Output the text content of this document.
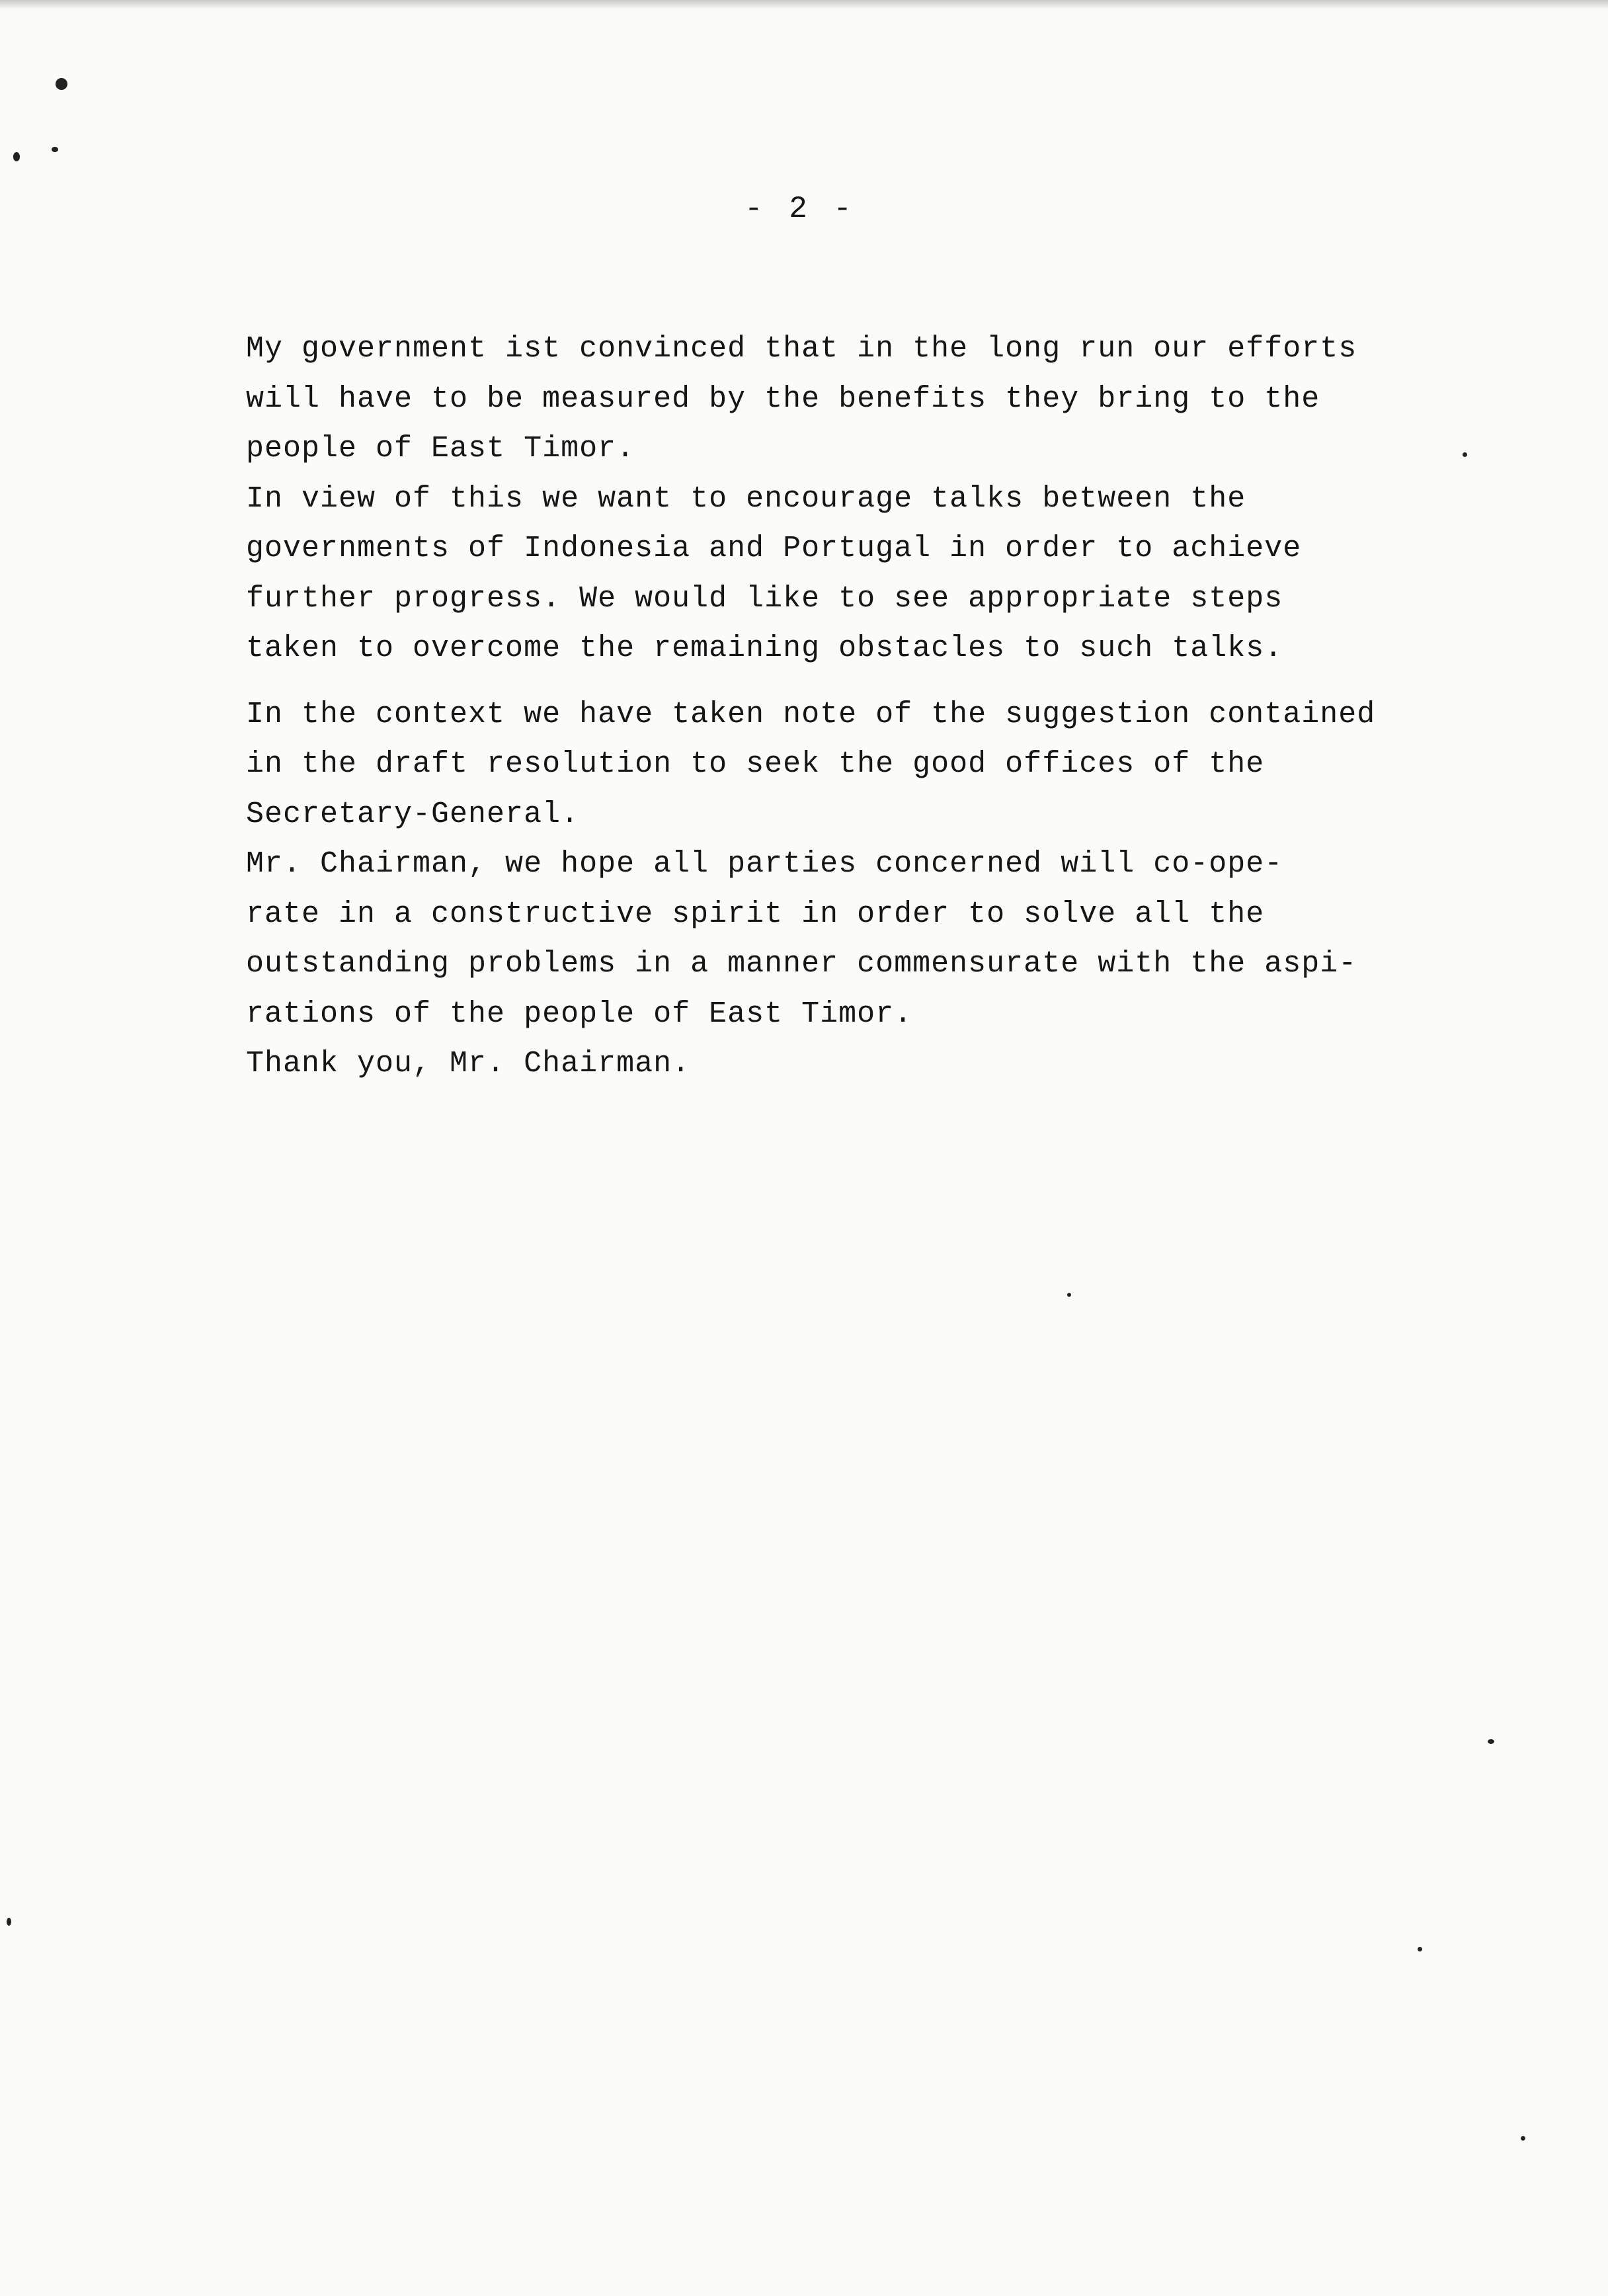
- 2 -
My government ist convinced that in the long run our efforts
will have to be measured by the benefits they bring to the
people of East Timor.
In view of this we want to encourage talks between the
governments of Indonesia and Portugal in order to achieve
further progress. We would like to see appropriate steps
taken to overcome the remaining obstacles to such talks.
In the context we have taken note of the suggestion contained
in the draft resolution to seek the good offices of the
Secretary-General.
Mr. Chairman, we hope all parties concerned will co-ope-
rate in a constructive spirit in order to solve all the
outstanding problems in a manner commensurate with the aspi-
rations of the people of East Timor.
Thank you, Mr. Chairman.
